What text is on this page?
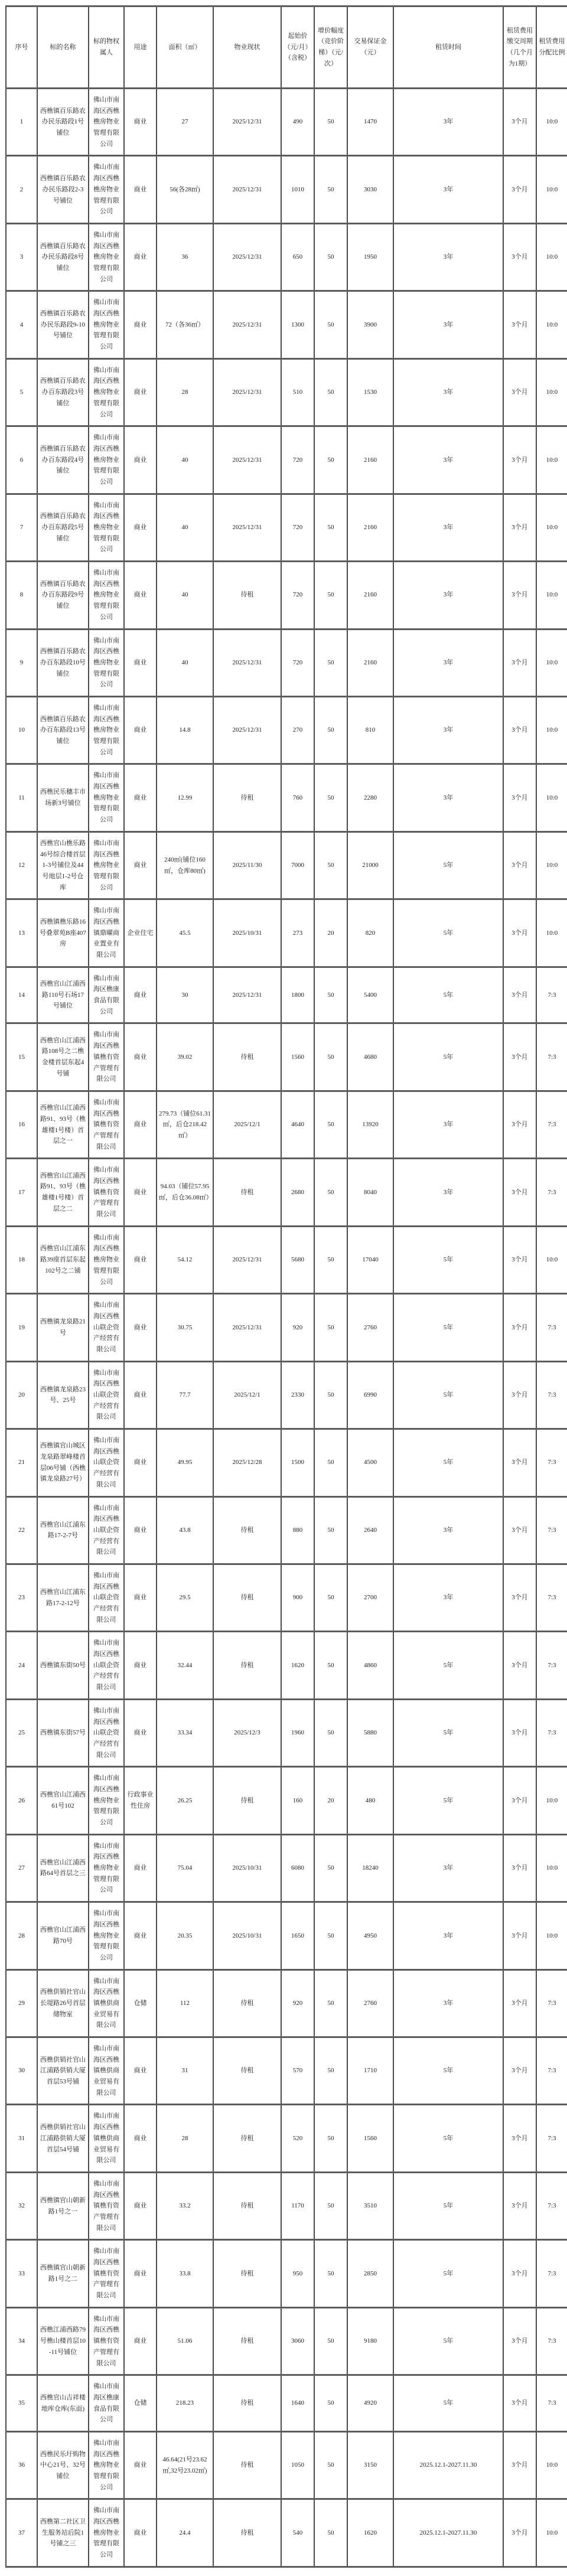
序号	标的名称	标的物权属人	用途	面积（㎡）	物业现状	起始价（元/月）（含税）	增价幅度（竞价阶梯）（元/次）	交易保证金（元）	租赁时间	租赁费用缴交周期（几个月为1期）	租赁费用分配比例
1	西樵镇百乐路农办民乐路段1号铺位	佛山市南海区西樵樵房物业管理有限公司	商业	27	2025/12/31	490	50	1470	3年	3个月	10:0
2	西樵镇百乐路农办民乐路段2-3号铺位	佛山市南海区西樵樵房物业管理有限公司	商业	56(各28㎡)	2025/12/31	1010	50	3030	3年	3个月	10:0
3	西樵镇百乐路农办民乐路段8号铺位	佛山市南海区西樵樵房物业管理有限公司	商业	36	2025/12/31	650	50	1950	3年	3个月	10:0
4	西樵镇百乐路农办民乐路段9-10号铺位	佛山市南海区西樵樵房物业管理有限公司	商业	72（各36㎡）	2025/12/31	1300	50	3900	3年	3个月	10:0
5	西樵镇百乐路农办百东路段3号铺位	佛山市南海区西樵樵房物业管理有限公司	商业	28	2025/12/31	510	50	1530	3年	3个月	10:0
6	西樵镇百乐路农办百东路段4号铺位	佛山市南海区西樵樵房物业管理有限公司	商业	40	2025/12/31	720	50	2160	3年	3个月	10:0
7	西樵镇百乐路农办百东路段5号铺位	佛山市南海区西樵樵房物业管理有限公司	商业	40	2025/12/31	720	50	2160	3年	3个月	10:0
8	西樵镇百乐路农办百东路段9号铺位	佛山市南海区西樵樵房物业管理有限公司	商业	40	待租	720	50	2160	3年	3个月	10:0
9	西樵镇百乐路农办百东路段10号铺位	佛山市南海区西樵樵房物业管理有限公司	商业	40	2025/12/31	720	50	2160	3年	3个月	10:0
10	西樵镇百乐路农办百东路段13号铺位	佛山市南海区西樵樵房物业管理有限公司	商业	14.8	2025/12/31	270	50	810	3年	3个月	10:0
11	西樵民乐穗丰市场新3号铺位	佛山市南海区西樵樵房物业管理有限公司	商业	12.99	待租	760	50	2280	3年	3个月	10:0
12	西樵官山樵乐路46号综合楼首层1-3号铺位及44号地层1-2号仓库	佛山市南海区西樵樵房物业管理有限公司	商业	240㎡(铺位160㎡，仓库80㎡)	2025/11/30	7000	50	21000	5年	3个月	10:0
13	西樵镇樵乐路16号叠翠苑B座407房	佛山市南海区西樵镇鼎曜商业置业有限公司	企业住宅	45.5	2025/10/31	273	20	820	5年	3个月	10:0
14	西樵官山江浦西路110号石场17号铺位	佛山市南海区樵康食品有限公司	商业	30	2025/12/31	1800	50	5400	5年	3个月	7:3
15	西樵官山江浦西路108号之二樵金楼首层东起4号铺	佛山市南海区西樵镇樵有资产管理有限公司	商业	39.02	待租	1560	50	4680	5年	3个月	7:3
16	西樵官山江浦西路91、93号（樵雄楼1号楼）首层之一	佛山市南海区西樵镇樵有资产管理有限公司	商业	279.73（铺位61.31㎡，后仓218.42㎡）	2025/12/1	4640	50	13920	3年	3个月	7:3
17	西樵官山江浦西路91、93号（樵雄楼1号楼）首层之二	佛山市南海区西樵镇樵有资产管理有限公司	商业	94.03（铺位57.95㎡，后仓36.08㎡）	待租	2680	50	8040	3年	3个月	7:3
18	西樵官山江浦东路39座首层东起102号之二铺	佛山市南海区西樵樵房物业管理有限公司	商业	54.12	2025/12/31	5680	50	17040	5年	3个月	10:0
19	西樵镇龙泉路21号	佛山市南海区西樵山联企资产经营有限公司	商业	30.75	2025/12/31	920	50	2760	5年	3个月	7:3
20	西樵镇龙泉路23号、25号	佛山市南海区西樵山联企资产经营有限公司	商业	77.7	2025/12/1	2330	50	6990	5年	3个月	7:3
21	西樵镇官山城区龙泉路翠峰楼首层06号铺（西樵镇龙泉路27号）	佛山市南海区西樵山联企资产经营有限公司	商业	49.95	2025/12/28	1500	50	4500	5年	3个月	7:3
22	西樵官山江浦东路17-2-7号	佛山市南海区西樵山联企资产经营有限公司	商业	43.8	待租	880	50	2640	3年	3个月	7:3
23	西樵官山江浦东路17-2-12号	佛山市南海区西樵山联企资产经营有限公司	商业	29.5	待租	900	50	2700	3年	3个月	7:3
24	西樵镇东街50号	佛山市南海区西樵山联企资产经营有限公司	商业	32.44	待租	1620	50	4860	5年	3个月	7:3
25	西樵镇东街57号	佛山市南海区西樵山联企资产经营有限公司	商业	33.34	2025/12/3	1960	50	5880	5年	3个月	7:3
26	西樵官山江浦西61号102	佛山市南海区西樵樵房物业管理有限公司	行政事业性住房	26.25	待租	160	20	480	5年	3个月	10:0
27	西樵官山江浦西路64号首层之三	佛山市南海区西樵樵房物业管理有限公司	商业	75.04	2025/10/31	6080	50	18240	3年	3个月	10:0
28	西樵官山江浦西路70号	佛山市南海区西樵樵房物业管理有限公司	商业	20.35	2025/10/31	1650	50	4950	3年	3个月	10:0
29	西樵供销社官山长堤路26号首层储物室	佛山市南海区西樵镇樵供商业贸易有限公司	仓储	112	待租	920	50	2760	3年	3个月	7:3
30	西樵供销社官山江浦路供销大厦首层53号铺	佛山市南海区西樵镇樵供商业贸易有限公司	商业	31	待租	570	50	1710	5年	3个月	7:3
31	西樵供销社官山江浦路供销大厦首层54号铺	佛山市南海区西樵镇樵供商业贸易有限公司	商业	28	待租	520	50	1560	5年	3个月	7:3
32	西樵镇官山朝新路1号之一	佛山市南海区西樵镇樵有资产管理有限公司	商业	33.2	待租	1170	50	3510	5年	3个月	7:3
33	西樵镇官山朝新路1号之二	佛山市南海区西樵镇樵有资产管理有限公司	商业	33.8	待租	950	50	2850	5年	3个月	7:3
34	西樵江浦西路79号樵山楼首层10-11号铺位	佛山市南海区西樵镇樵有资产管理有限公司	商业	51.06	待租	3060	50	9180	5年	3个月	7:3
35	西樵官山吉祥楼地库仓库(东面)	佛山市南海区樵康食品有限公司	仓储	218.23	待租	1640	50	4920	5年	3个月	7:3
36	西樵民乐圩购物中心21号、32号铺位	佛山市南海区西樵樵房物业管理有限公司	商业	46.64(21号23.62㎡,32号23.02㎡)	待租	1050	50	3150	2025.12.1-2027.11.30	3个月	10:0
37	西樵第二社区卫生服务站后院1号铺之三	佛山市南海区西樵樵房物业管理有限公司	商业	24.4	待租	540	50	1620	2025.12.1-2027.11.30	3个月	10:0
